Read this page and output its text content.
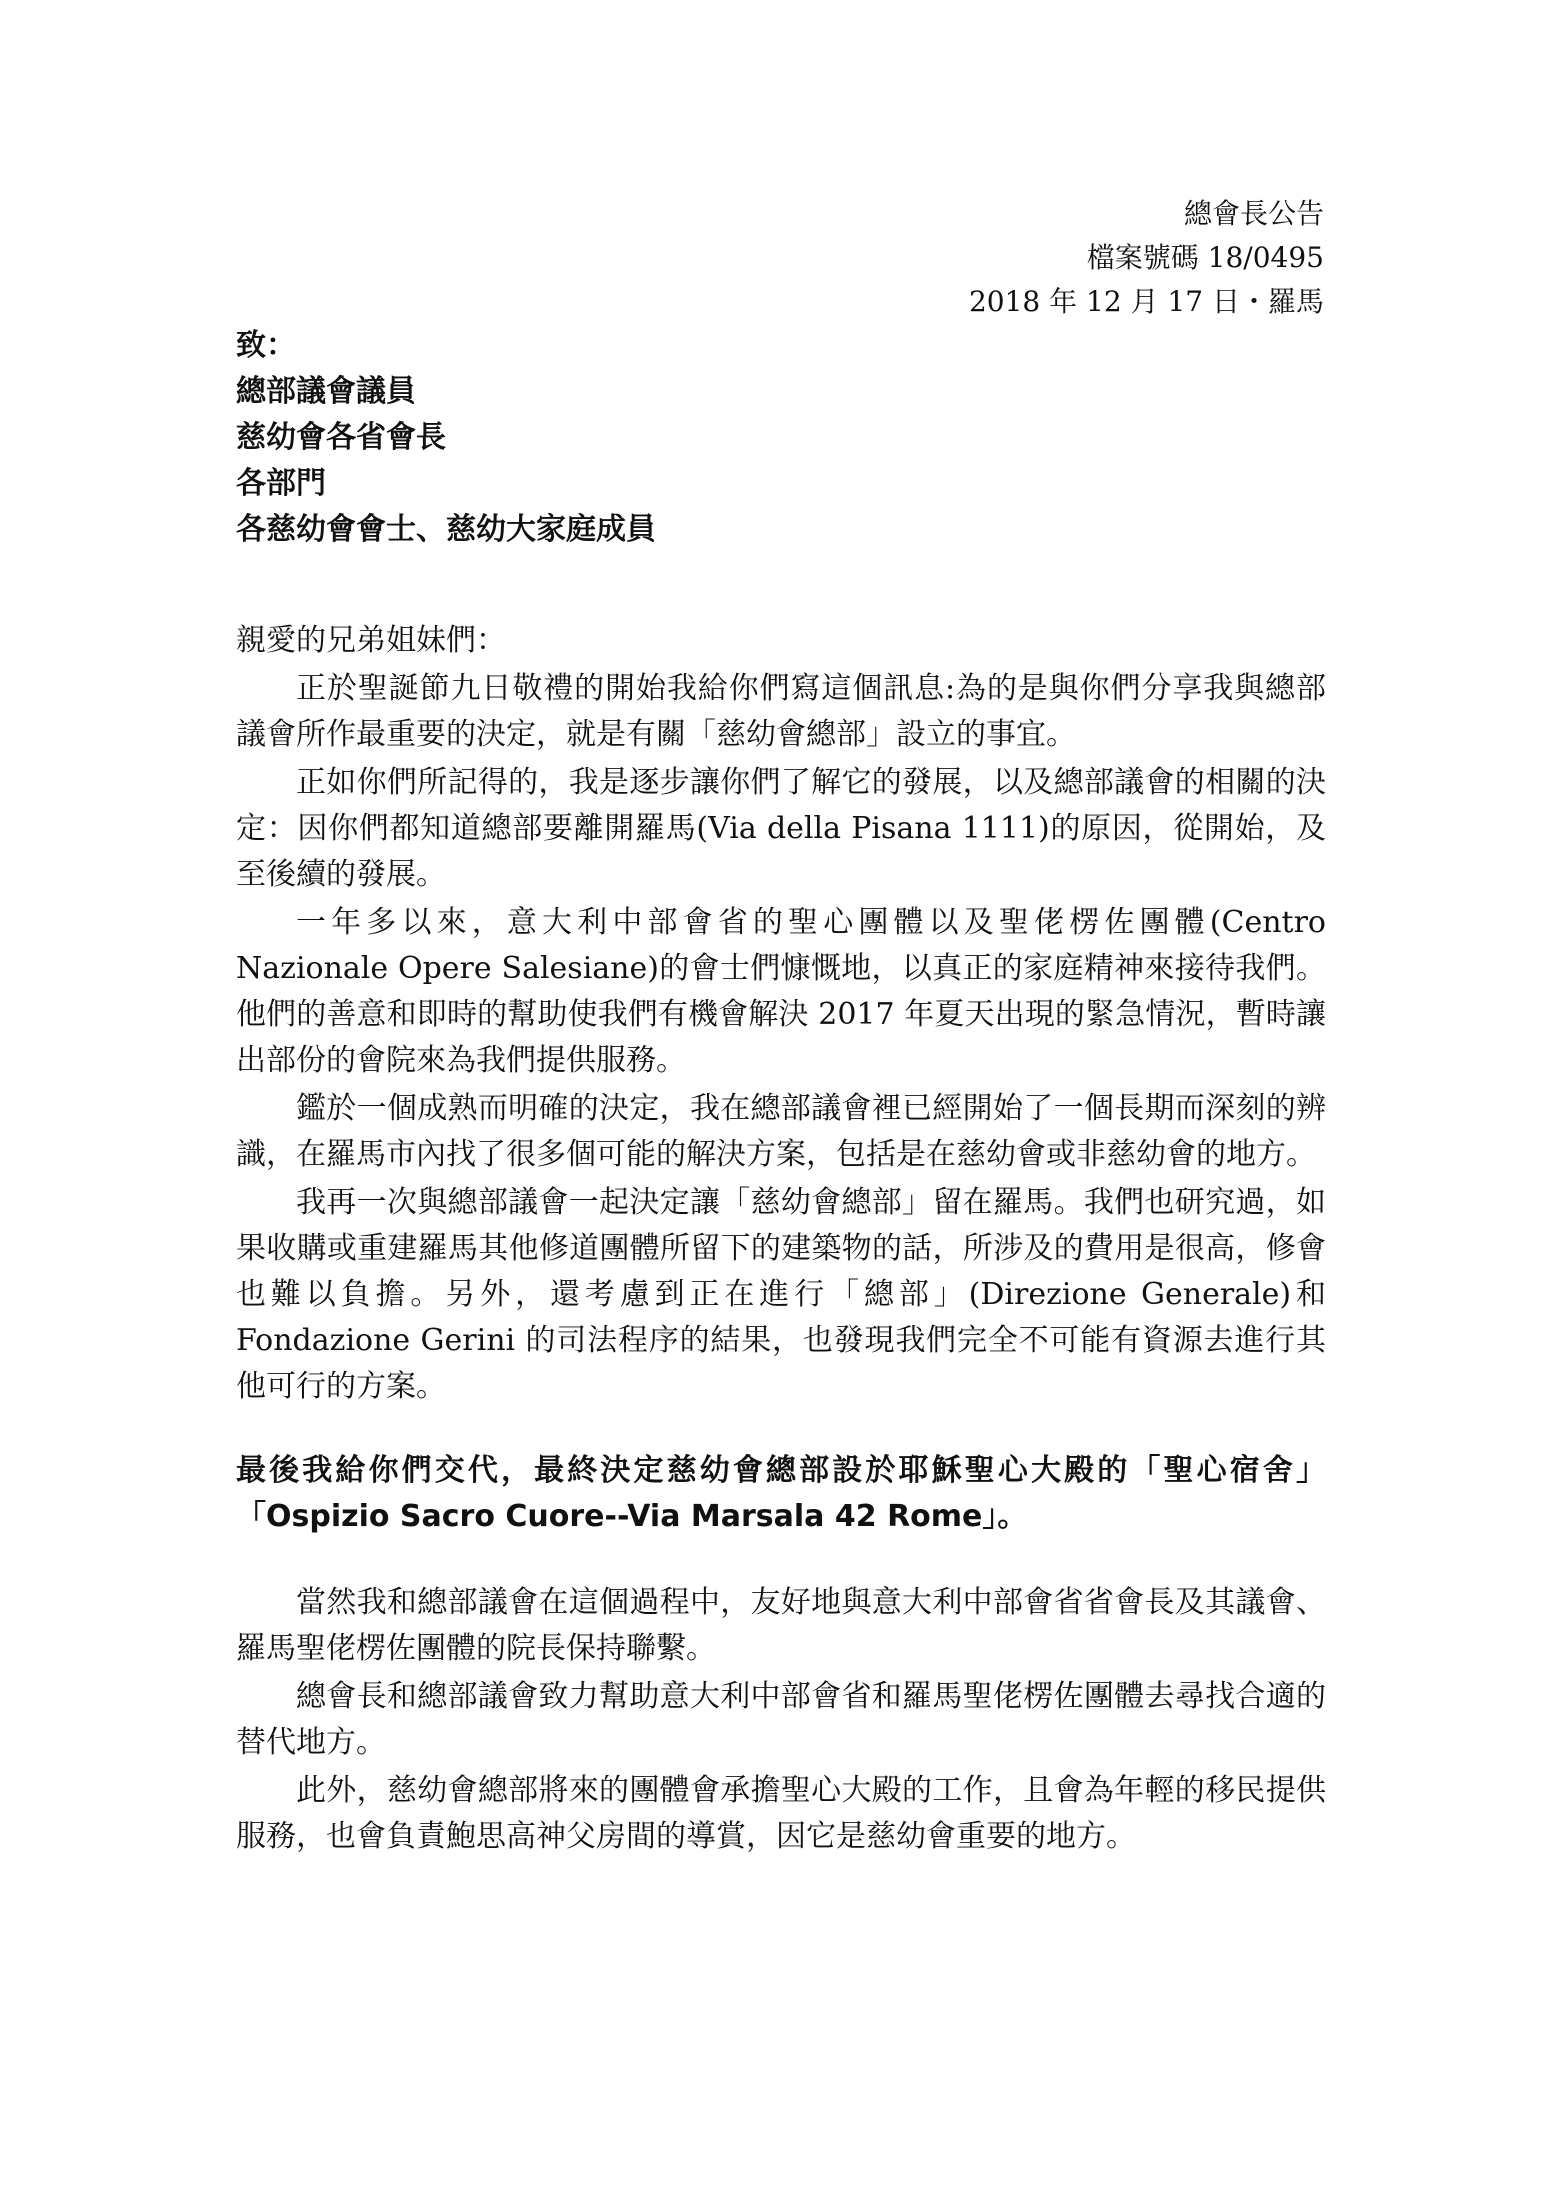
總會長公告
檔案號碼 18/0495
2018 年 12 月 17 日・羅馬
致：
總部議會議員
慈幼會各省會長
各部門
各慈幼會會士、慈幼大家庭成員

親愛的兄弟姐妹們：

正於聖誕節九日敬禮的開始我給你們寫這個訊息:為的是與你們分享我與總部議會所作最重要的決定，就是有關「慈幼會總部」設立的事宜。

正如你們所記得的，我是逐步讓你們了解它的發展，以及總部議會的相關的決定：因你們都知道總部要離開羅馬(Via della Pisana 1111)的原因，從開始，及至後續的發展。

一年多以來，意大利中部會省的聖心團體以及聖佬楞佐團體(Centro Nazionale Opere Salesiane)的會士們慷慨地，以真正的家庭精神來接待我們。他們的善意和即時的幫助使我們有機會解決 2017 年夏天出現的緊急情況，暫時讓出部份的會院來為我們提供服務。

鑑於一個成熟而明確的決定，我在總部議會裡已經開始了一個長期而深刻的辨識，在羅馬市內找了很多個可能的解決方案，包括是在慈幼會或非慈幼會的地方。

我再一次與總部議會一起決定讓「慈幼會總部」留在羅馬。我們也研究過，如果收購或重建羅馬其他修道團體所留下的建築物的話，所涉及的費用是很高，修會也難以負擔。另外，還考慮到正在進行「總部」(Direzione Generale)和 Fondazione Gerini 的司法程序的結果，也發現我們完全不可能有資源去進行其他可行的方案。

最後我給你們交代，最終決定慈幼會總部設於耶穌聖心大殿的「聖心宿舍」「Ospizio Sacro Cuore--Via Marsala 42 Rome」。

當然我和總部議會在這個過程中，友好地與意大利中部會省省會長及其議會、羅馬聖佬楞佐團體的院長保持聯繫。

總會長和總部議會致力幫助意大利中部會省和羅馬聖佬楞佐團體去尋找合適的替代地方。

此外，慈幼會總部將來的團體會承擔聖心大殿的工作，且會為年輕的移民提供服務，也會負責鮑思高神父房間的導賞，因它是慈幼會重要的地方。
